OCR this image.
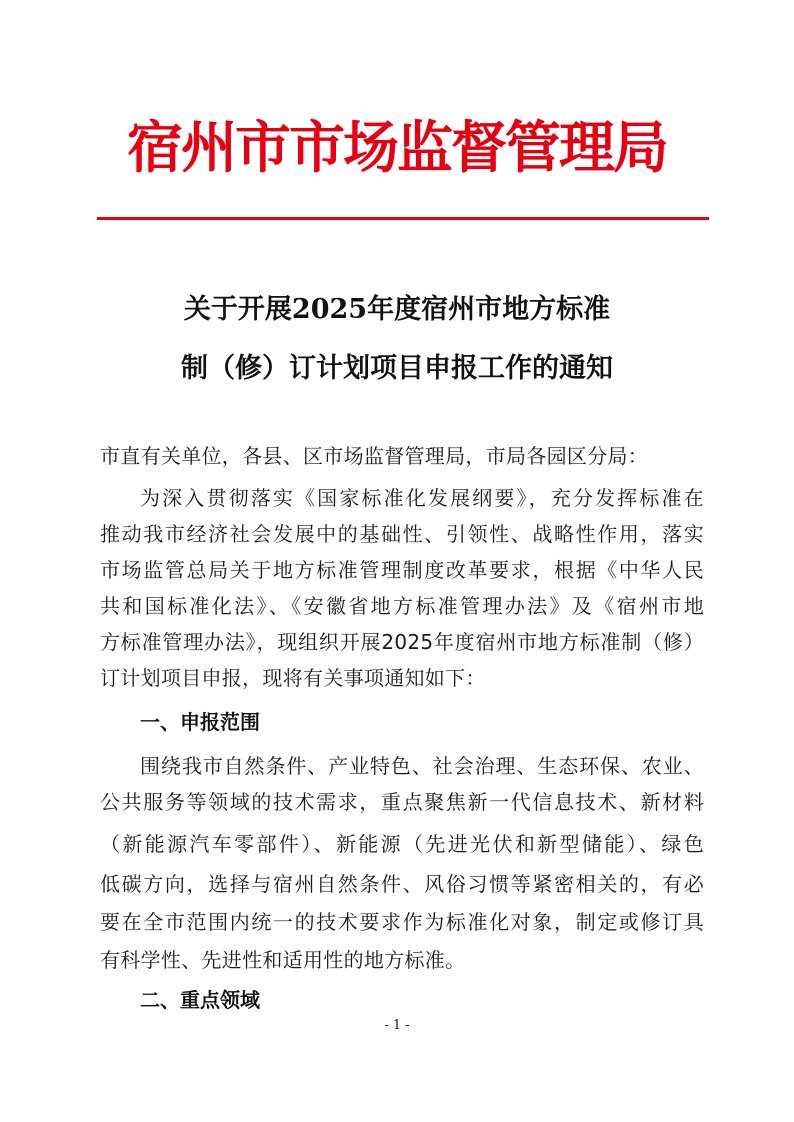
宿州市市场监督管理局
关于开展2025年度宿州市地方标准
制（修）订计划项目申报工作的通知
市直有关单位，各县、区市场监督管理局，市局各园区分局：
为深入贯彻落实《国家标准化发展纲要》，充分发挥标准在
推动我市经济社会发展中的基础性、引领性、战略性作用，落实
市场监管总局关于地方标准管理制度改革要求，根据《中华人民
共和国标准化法》、《安徽省地方标准管理办法》及《宿州市地
方标准管理办法》，现组织开展2025年度宿州市地方标准制（修）
订计划项目申报，现将有关事项通知如下：
一、申报范围
围绕我市自然条件、产业特色、社会治理、生态环保、农业、
公共服务等领域的技术需求，重点聚焦新一代信息技术、新材料
（新能源汽车零部件）、新能源（先进光伏和新型储能）、绿色
低碳方向，选择与宿州自然条件、风俗习惯等紧密相关的，有必
要在全市范围内统一的技术要求作为标准化对象，制定或修订具
有科学性、先进性和适用性的地方标准。
二、重点领域
- 1 -
